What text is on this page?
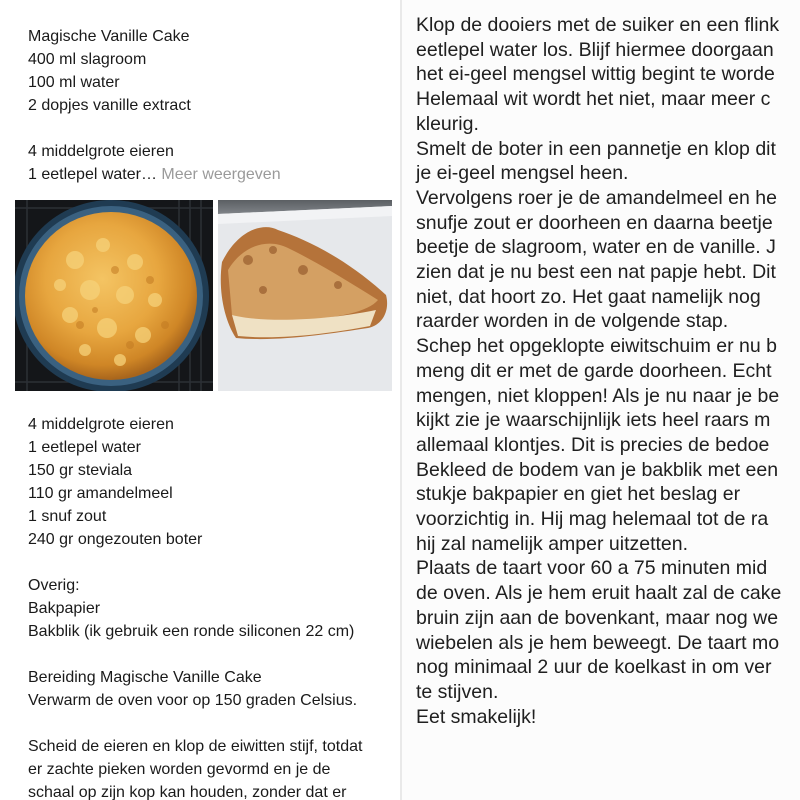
Magische Vanille Cake
400 ml slagroom
100 ml water
2 dopjes vanille extract
4 middelgrote eieren
1 eetlepel water… Meer weergeven
4 middelgrote eieren
1 eetlepel water
150 gr steviala
110 gr amandelmeel
1 snuf zout
240 gr ongezouten boter
Overig:
Bakpapier
Bakblik (ik gebruik een ronde siliconen 22 cm)
Bereiding Magische Vanille Cake
Verwarm de oven voor op 150 graden Celsius.
Scheid de eieren en klop de eiwitten stijf, totdat
er zachte pieken worden gevormd en je de
schaal op zijn kop kan houden, zonder dat er
Klop de dooiers met de suiker en een flink
eetlepel water los. Blijf hiermee doorgaan
het ei-geel mengsel wittig begint te worde
Helemaal wit wordt het niet, maar meer c
kleurig.
Smelt de boter in een pannetje en klop dit
je ei-geel mengsel heen.
Vervolgens roer je de amandelmeel en he
snufje zout er doorheen en daarna beetje
beetje de slagroom, water en de vanille. J
zien dat je nu best een nat papje hebt. Dit
niet, dat hoort zo. Het gaat namelijk nog
raarder worden in de volgende stap.
Schep het opgeklopte eiwitschuim er nu b
meng dit er met de garde doorheen. Echt
mengen, niet kloppen! Als je nu naar je be
kijkt zie je waarschijnlijk iets heel raars m
allemaal klontjes. Dit is precies de bedoe
Bekleed de bodem van je bakblik met een
stukje bakpapier en giet het beslag er
voorzichtig in. Hij mag helemaal tot de ra
hij zal namelijk amper uitzetten.
Plaats de taart voor 60 a 75 minuten mid
de oven. Als je hem eruit haalt zal de cake
bruin zijn aan de bovenkant, maar nog we
wiebelen als je hem beweegt. De taart mo
nog minimaal 2 uur de koelkast in om ver
te stijven.
Eet smakelijk!
